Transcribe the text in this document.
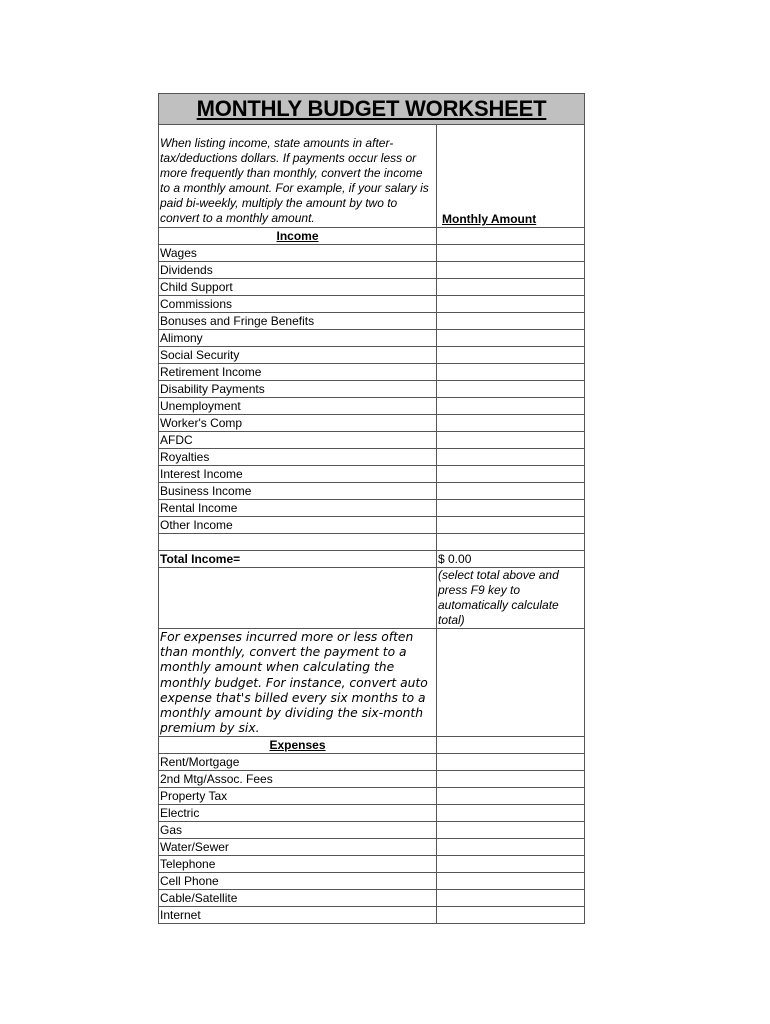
MONTHLY BUDGET WORKSHEET
When listing income, state amounts in after-tax/deductions dollars. If payments occur less or more frequently than monthly, convert the income to a monthly amount. For example, if your salary is paid bi-weekly, multiply the amount by two to convert to a monthly amount.	Monthly Amount
Income
Wages
Dividends
Child Support
Commissions
Bonuses and Fringe Benefits
Alimony
Social Security
Retirement Income
Disability Payments
Unemployment
Worker's Comp
AFDC
Royalties
Interest Income
Business Income
Rental Income
Other Income
Total Income=	$ 0.00
(select total above and press F9 key to automatically calculate total)
For expenses incurred more or less often than monthly, convert the payment to a monthly amount when calculating the monthly budget. For instance, convert auto expense that's billed every six months to a monthly amount by dividing the six-month premium by six.
Expenses
Rent/Mortgage
2nd Mtg/Assoc. Fees
Property Tax
Electric
Gas
Water/Sewer
Telephone
Cell Phone
Cable/Satellite
Internet
